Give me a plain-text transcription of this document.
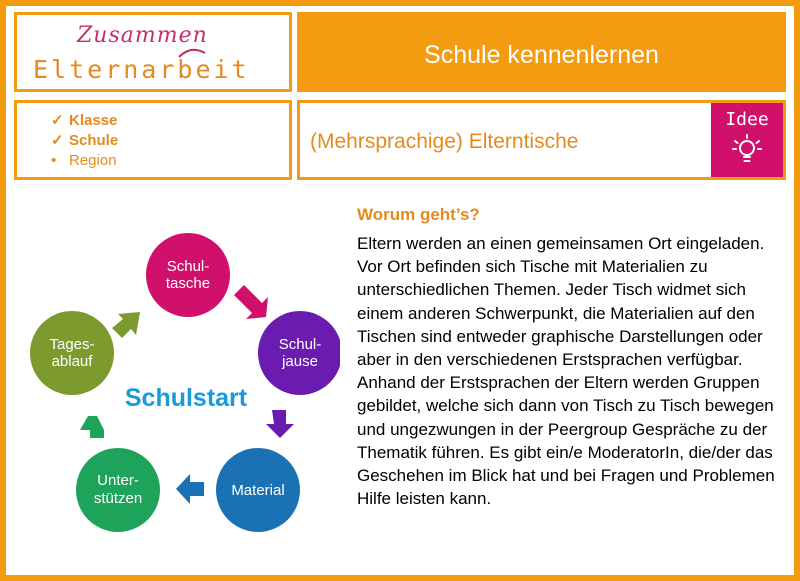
Zusammen
Elternarbeit	Schule kennenlernen
✓ Klasse
✓ Schule
• Region
(Mehrsprachige) Elterntische
Idee
Schul-
tasche
Schul-
jause
Material
Unter-
stützen
Tages-
ablauf
Schulstart
Worum geht’s?
Eltern werden an einen gemeinsamen Ort eingeladen. Vor Ort befinden sich Tische mit Materialien zu unterschiedlichen Themen. Jeder Tisch widmet sich einem anderen Schwerpunkt, die Materialien auf den Tischen sind entweder graphische Darstellungen oder aber in den verschiedenen Erstsprachen verfügbar. Anhand der Erstsprachen der Eltern werden Gruppen gebildet, welche sich dann von Tisch zu Tisch bewegen und ungezwungen in der Peergroup Gespräche zu der Thematik führen. Es gibt ein/e ModeratorIn, die/der das Geschehen im Blick hat und bei Fragen und Problemen Hilfe leisten kann.
